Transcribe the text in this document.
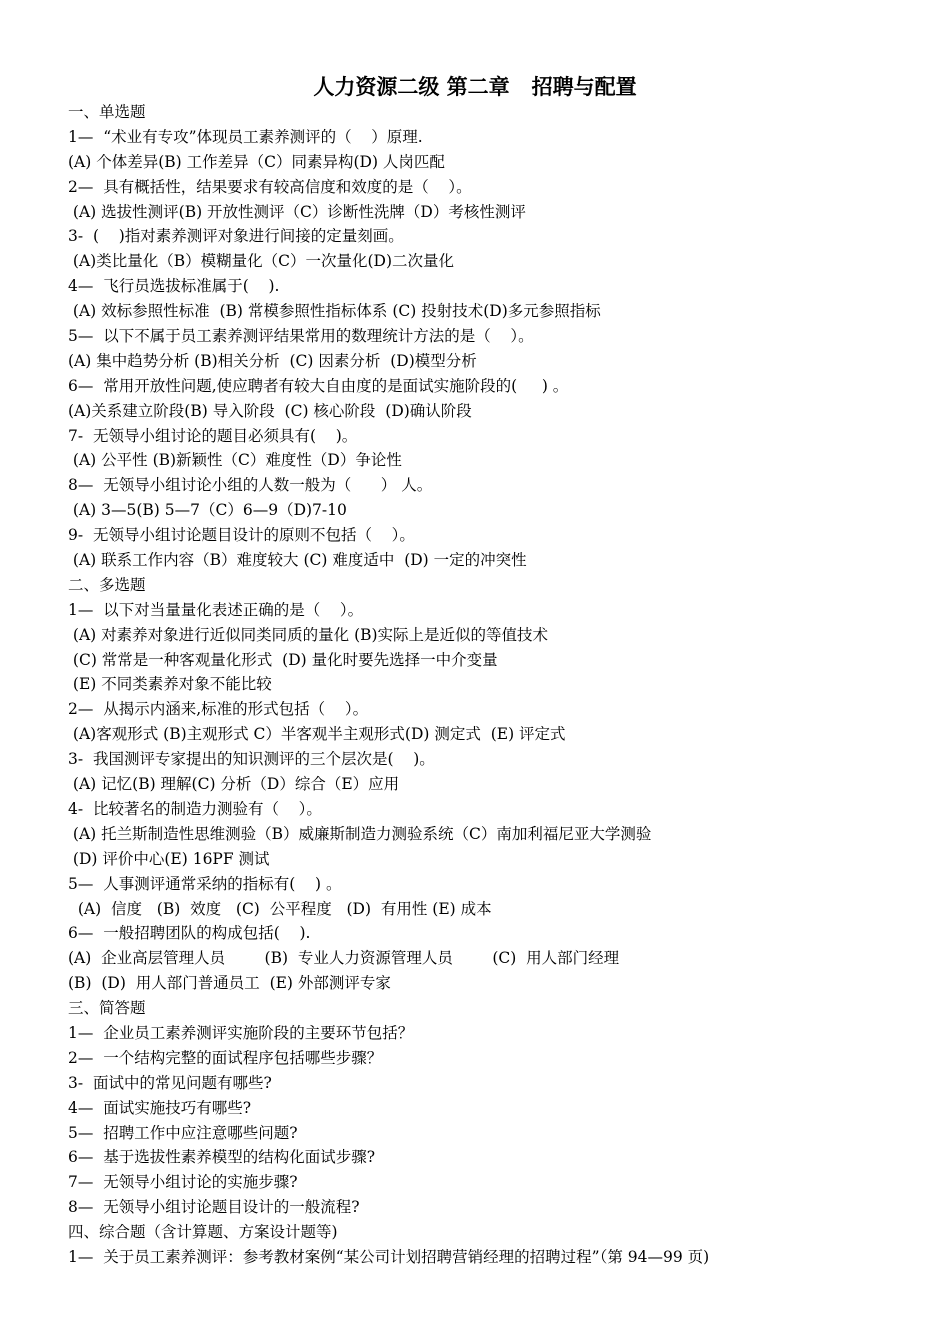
人力资源二级 第二章   招聘与配置
一、单选题
1—  “术业有专攻”体现员工素养测评的（    ）原理.
(A) 个体差异(B) 工作差异（C）同素异构(D) 人岗匹配
2—  具有概括性，结果要求有较高信度和效度的是（    ）。
(A) 选拔性测评(B) 开放性测评（C）诊断性洗牌（D）考核性测评
3-  (    )指对素养测评对象进行间接的定量刻画。
(A)类比量化（B）模糊量化（C）一次量化(D)二次量化
4—  飞行员选拔标准属于(    ).
(A) 效标参照性标准  (B) 常模参照性指标体系 (C) 投射技术(D)多元参照指标
5—  以下不属于员工素养测评结果常用的数理统计方法的是（    ）。
(A) 集中趋势分析 (B)相关分析  (C) 因素分析  (D)模型分析
6—  常用开放性问题,使应聘者有较大自由度的是面试实施阶段的(     ) 。
(A)关系建立阶段(B) 导入阶段  (C) 核心阶段  (D)确认阶段
7-  无领导小组讨论的题目必须具有(    )。
(A) 公平性 (B)新颖性（C）难度性（D）争论性
8—  无领导小组讨论小组的人数一般为（      ） 人。
(A) 3—5(B) 5—7（C）6—9（D)7-10
9-  无领导小组讨论题目设计的原则不包括（    ）。
(A) 联系工作内容（B）难度较大 (C) 难度适中  (D) 一定的冲突性
二、多选题
1—  以下对当量量化表述正确的是（    ）。
(A) 对素养对象进行近似同类同质的量化 (B)实际上是近似的等值技术
(C) 常常是一种客观量化形式  (D) 量化时要先选择一中介变量
(E) 不同类素养对象不能比较
2—  从揭示内涵来,标准的形式包括（    ）。
(A)客观形式 (B)主观形式 C）半客观半主观形式(D) 测定式  (E) 评定式
3-  我国测评专家提出的知识测评的三个层次是(    )。
(A) 记忆(B) 理解(C) 分析（D）综合（E）应用
4-  比较著名的制造力测验有（    ）。
(A) 托兰斯制造性思维测验（B）威廉斯制造力测验系统（C）南加利福尼亚大学测验
(D) 评价中心(E) 16PF 测试
5—  人事测评通常采纳的指标有(    ) 。
(A)  信度   (B)  效度   (C)  公平程度   (D)  有用性 (E) 成本
6—  一般招聘团队的构成包括(    ).
(A)  企业高层管理人员        (B)  专业人力资源管理人员        (C)  用人部门经理
(B)  (D)  用人部门普通员工  (E) 外部测评专家
三、简答题
1—  企业员工素养测评实施阶段的主要环节包括？
2—  一个结构完整的面试程序包括哪些步骤？
3-  面试中的常见问题有哪些?
4—  面试实施技巧有哪些?
5—  招聘工作中应注意哪些问题?
6—  基于选拔性素养模型的结构化面试步骤?
7—  无领导小组讨论的实施步骤?
8—  无领导小组讨论题目设计的一般流程?
四、综合题（含计算题、方案设计题等)
1—  关于员工素养测评：参考教材案例“某公司计划招聘营销经理的招聘过程”（第 94—99 页)
